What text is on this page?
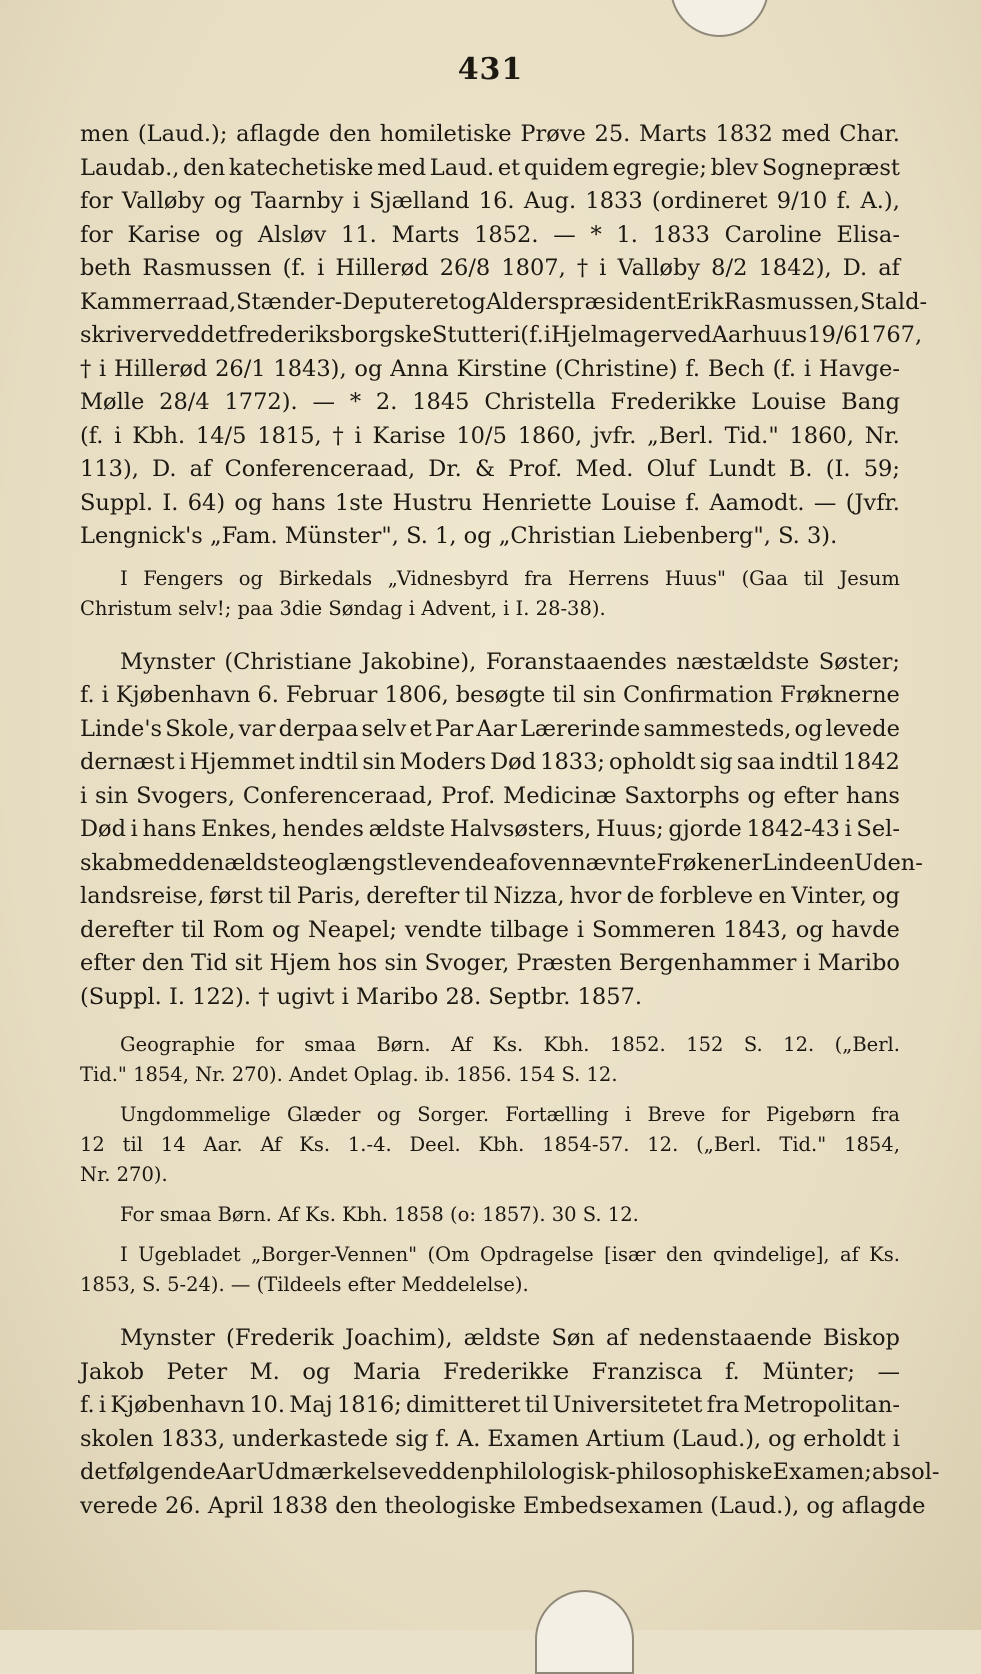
431
men (Laud.); aflagde den homiletiske Prøve 25. Marts 1832 med Char.
Laudab., den katechetiske med Laud. et quidem egregie; blev Sognepræst
for Valløby og Taarnby i Sjælland 16. Aug. 1833 (ordineret 9/10 f. A.),
for Karise og Alsløv 11. Marts 1852. — * 1. 1833 Caroline Elisa-
beth Rasmussen (f. i Hillerød 26/8 1807, † i Valløby 8/2 1842), D. af
Kammerraad, Stænder-Deputeret og Alderspræsident Erik Rasmussen, Stald-
skriver ved det frederiksborgske Stutteri (f. i Hjelmager ved Aarhuus 19/6 1767,
† i Hillerød 26/1 1843), og Anna Kirstine (Christine) f. Bech (f. i Havge-
Mølle 28/4 1772). — * 2. 1845 Christella Frederikke Louise Bang
(f. i Kbh. 14/5 1815, † i Karise 10/5 1860, jvfr. „Berl. Tid." 1860, Nr.
113), D. af Conferenceraad, Dr. & Prof. Med. Oluf Lundt B. (I. 59;
Suppl. I. 64) og hans 1ste Hustru Henriette Louise f. Aamodt. — (Jvfr.
Lengnick's „Fam. Münster", S. 1, og „Christian Liebenberg", S. 3).
I Fengers og Birkedals „Vidnesbyrd fra Herrens Huus" (Gaa til Jesum
Christum selv!; paa 3die Søndag i Advent, i I. 28-38).
Mynster (Christiane Jakobine), Foranstaaendes næstældste Søster;
f. i Kjøbenhavn 6. Februar 1806, besøgte til sin Confirmation Frøknerne
Linde's Skole, var derpaa selv et Par Aar Lærerinde sammesteds, og levede
dernæst i Hjemmet indtil sin Moders Død 1833; opholdt sig saa indtil 1842
i sin Svogers, Conferenceraad, Prof. Medicinæ Saxtorphs og efter hans
Død i hans Enkes, hendes ældste Halvsøsters, Huus; gjorde 1842-43 i Sel-
skab med den ældste og længstlevende af ovennævnte Frøkener Linde en Uden-
landsreise, først til Paris, derefter til Nizza, hvor de forbleve en Vinter, og
derefter til Rom og Neapel; vendte tilbage i Sommeren 1843, og havde
efter den Tid sit Hjem hos sin Svoger, Præsten Bergenhammer i Maribo
(Suppl. I. 122). † ugivt i Maribo 28. Septbr. 1857.
Geographie for smaa Børn. Af Ks. Kbh. 1852. 152 S. 12. („Berl.
Tid." 1854, Nr. 270). Andet Oplag. ib. 1856. 154 S. 12.
Ungdommelige Glæder og Sorger. Fortælling i Breve for Pigebørn fra
12 til 14 Aar. Af Ks. 1.-4. Deel. Kbh. 1854-57. 12. („Berl. Tid." 1854,
Nr. 270).
For smaa Børn. Af Ks. Kbh. 1858 (o: 1857). 30 S. 12.
I Ugebladet „Borger-Vennen" (Om Opdragelse [især den qvindelige], af Ks.
1853, S. 5-24). — (Tildeels efter Meddelelse).
Mynster (Frederik Joachim), ældste Søn af nedenstaaende Biskop
Jakob Peter M. og Maria Frederikke Franzisca f. Münter; —
f. i Kjøbenhavn 10. Maj 1816; dimitteret til Universitetet fra Metropolitan-
skolen 1833, underkastede sig f. A. Examen Artium (Laud.), og erholdt i
det følgende Aar Udmærkelse ved den philologisk-philosophiske Examen; absol-
verede 26. April 1838 den theologiske Embedsexamen (Laud.), og aflagde
